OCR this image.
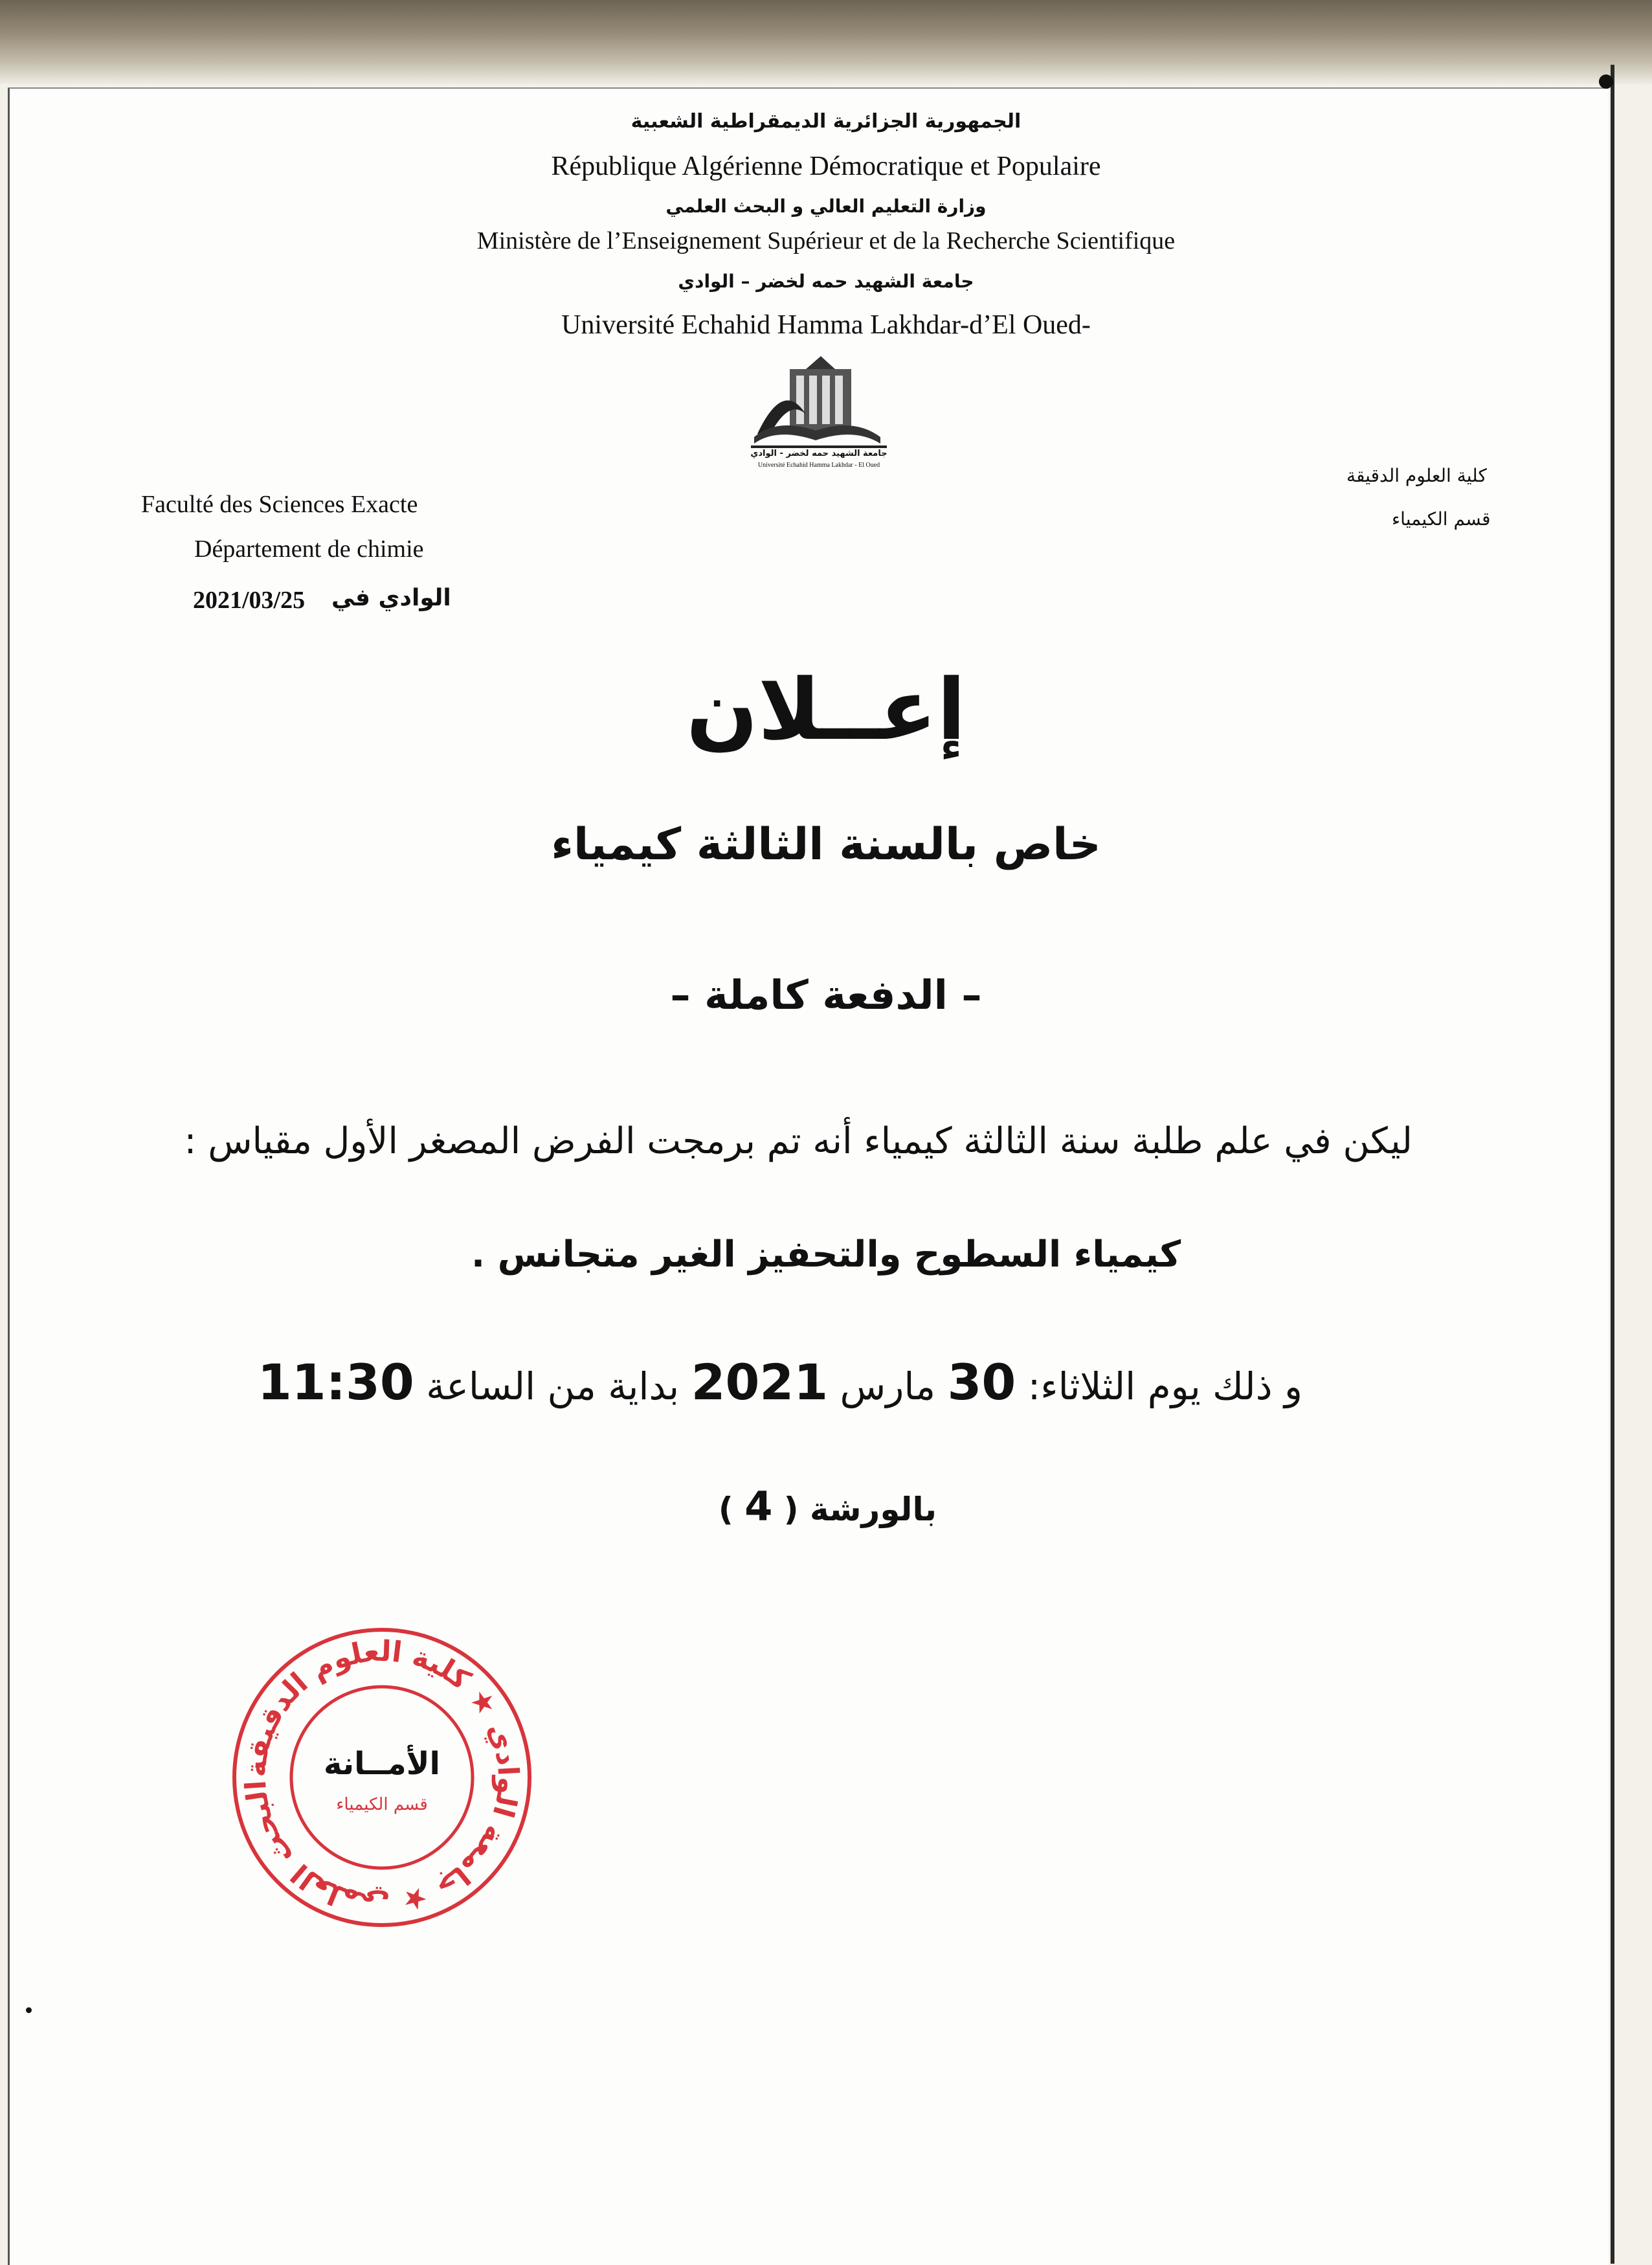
الجمهورية الجزائرية الديمقراطية الشعبية

République Algérienne Démocratique et Populaire

وزارة التعليم العالي و البحث العلمي

Ministère de l’Enseignement Supérieur et de la Recherche Scientifique

جامعة الشهيد حمه لخضر – الوادي

Université Echahid Hamma Lakhdar-d’El Oued-

جامعة الشهيد حمه لخضر - الوادي
Université Echahid Hamma Lakhdar - El Oued

Faculté des Sciences Exacte

Département de chimie

2021/03/25 الوادي في

كلية العلوم الدقيقة

قسم الكيمياء

إعــلان

خاص بالسنة الثالثة كيمياء

– الدفعة كاملة –

ليكن في علم طلبة سنة الثالثة كيمياء أنه تم برمجت الفرض المصغر الأول مقياس :

كيمياء السطوح والتحفيز الغير متجانس .

و ذلك يوم الثلاثاء: 30 مارس 2021 بداية من الساعة 11:30

بالورشة ( 4 )

البحث العلمي ★ جامعة الوادي ★ كلية العلوم الدقيقة
الأمــانة
قسم الكيمياء
